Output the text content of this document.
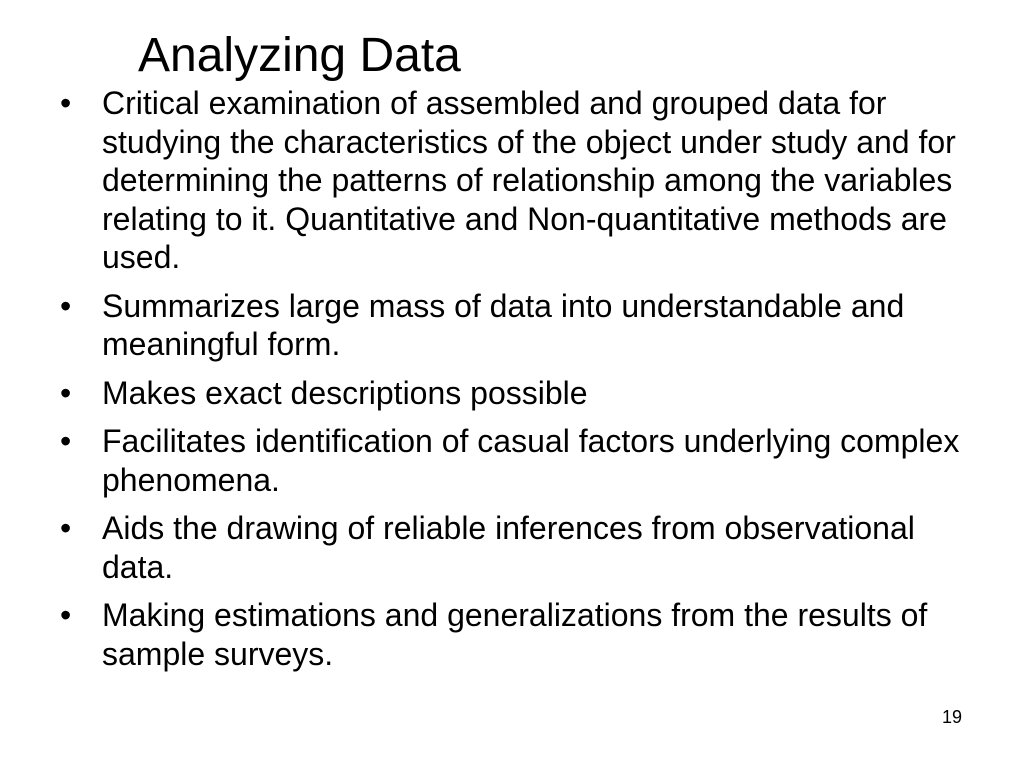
Analyzing Data
• Critical examination of assembled and grouped data for studying the characteristics of the object under study and for determining the patterns of relationship among the variables relating to it. Quantitative and Non-quantitative methods are used.
• Summarizes large mass of data into understandable and meaningful form.
• Makes exact descriptions possible
• Facilitates identification of casual factors underlying complex phenomena.
• Aids the drawing of reliable inferences from observational data.
• Making estimations and generalizations from the results of sample surveys.
19
